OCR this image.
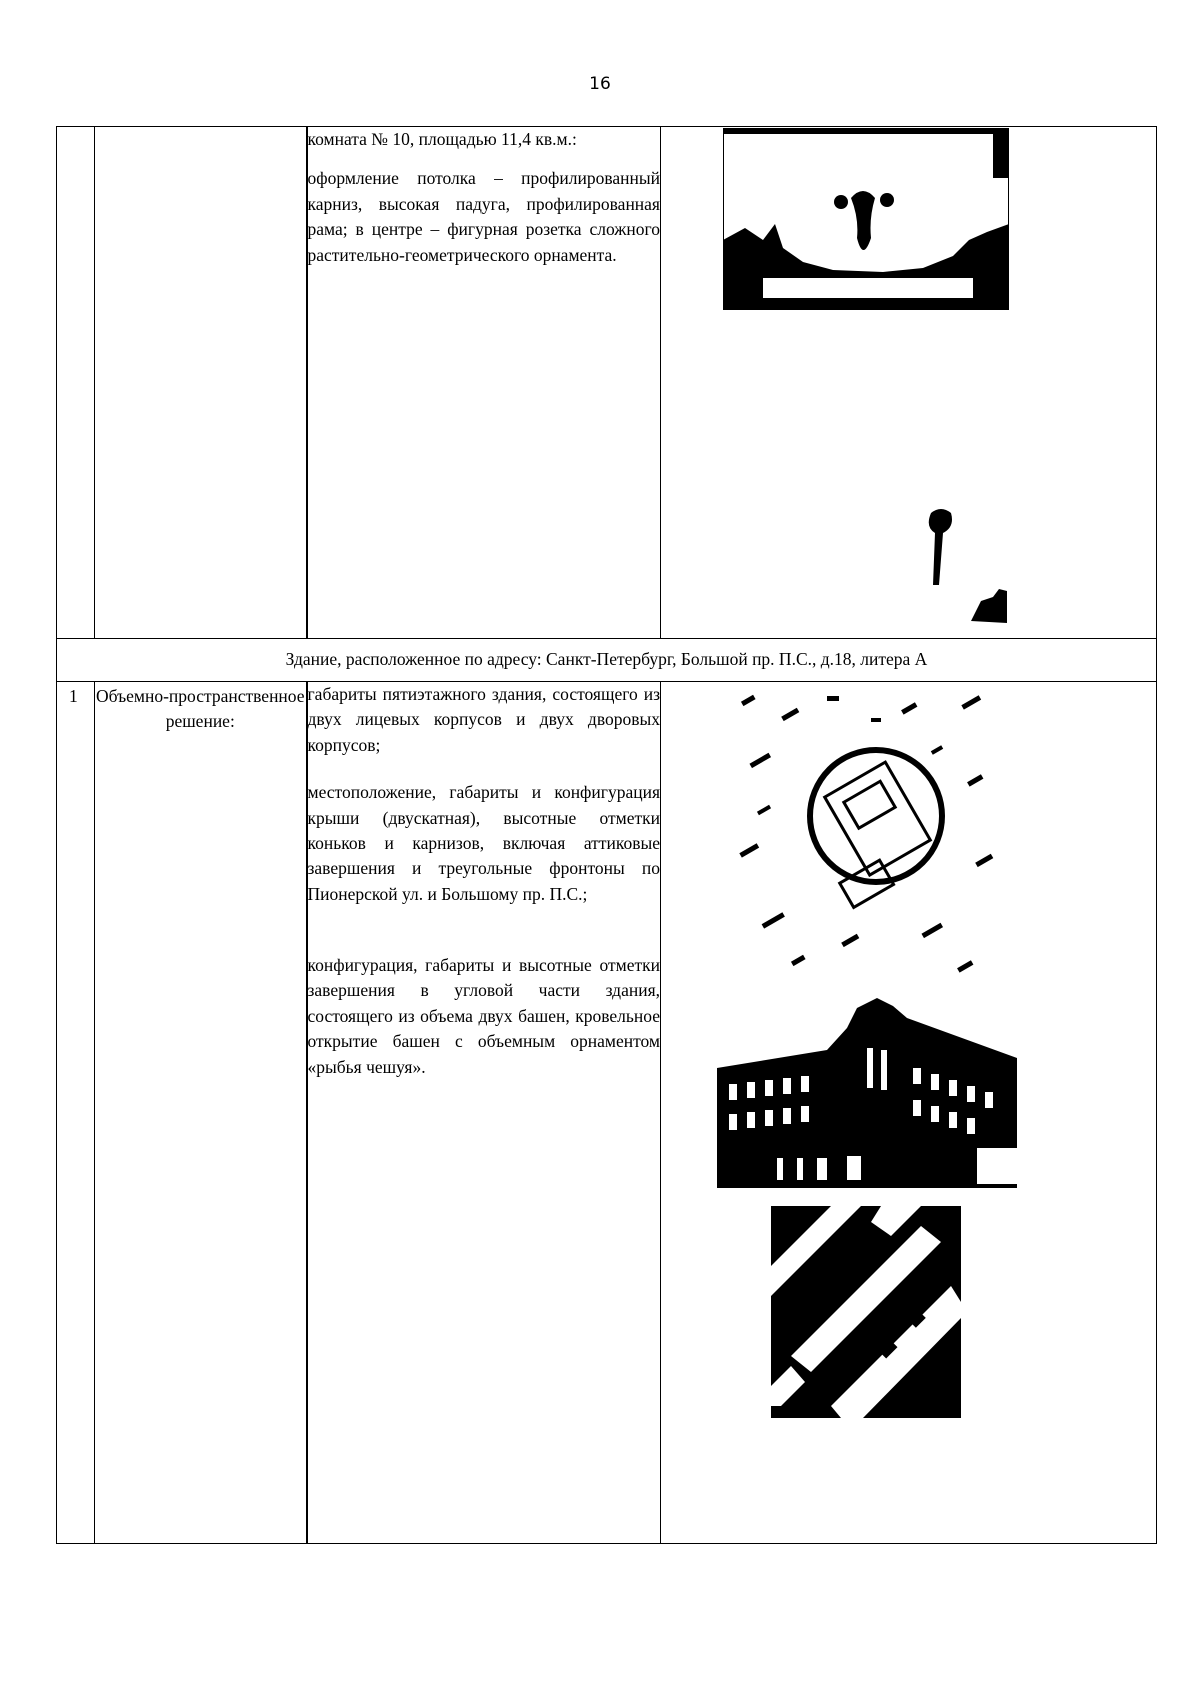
16

		комната № 10, площадью 11,4 кв.м.:

оформление потолка – профилированный карниз, высокая падуга, профилированная рама; в центре – фигурная розетка сложного растительно-геометрического орнамента.

Здание, расположенное по адресу: Санкт-Петербург, Большой пр. П.С., д.18, литера А			
1	Объемно-пространственное решение:	габариты пятиэтажного здания, состоящего из двух лицевых корпусов и двух дворовых корпусов;

местоположение, габариты и конфигурация крыши (двускатная), высотные отметки коньков и карнизов, включая аттиковые завершения и треугольные фронтоны по Пионерской ул. и Большому пр. П.С.;

конфигурация, габариты и высотные отметки завершения в угловой части здания, состоящего из объема двух башен, кровельное открытие башен с объемным орнаментом «рыбья чешуя».
